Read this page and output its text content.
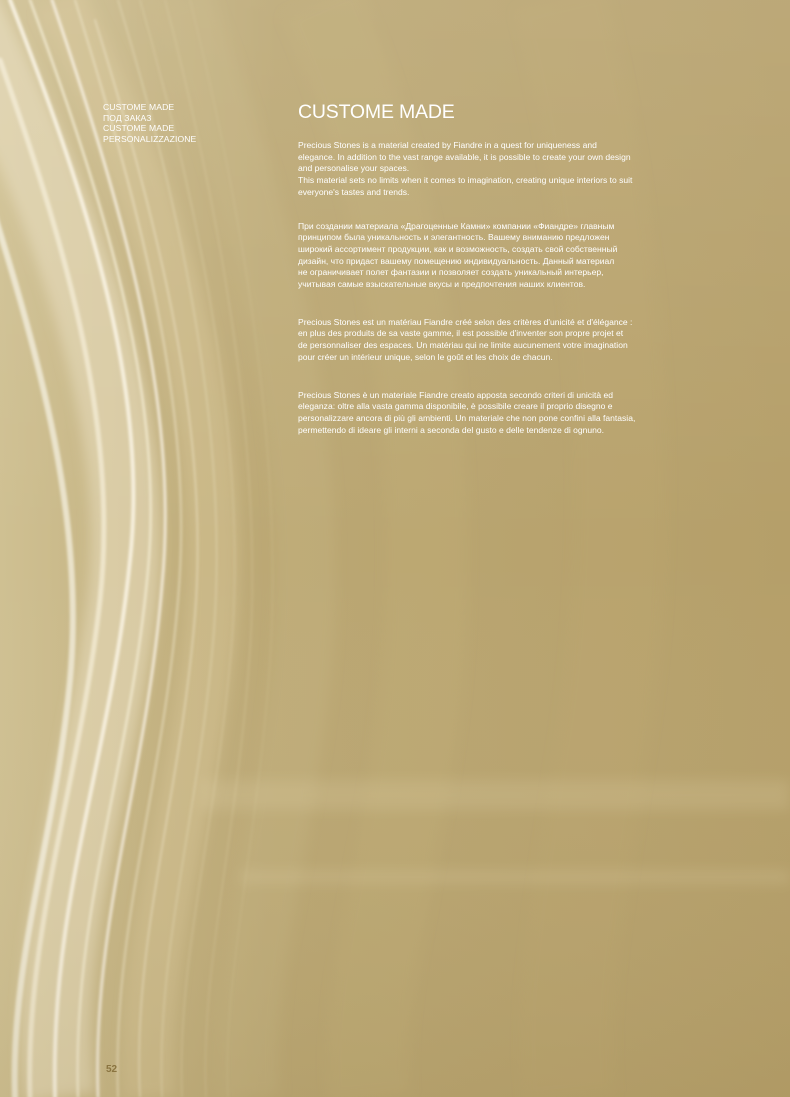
CUSTOME MADE
ПОД ЗАКАЗ
CUSTOME MADE
PERSONALIZZAZIONE
CUSTOME MADE
Precious Stones is a material created by Fiandre in a quest for uniqueness and
elegance. In addition to the vast range available, it is possible to create your own design
and personalise your spaces.
This material sets no limits when it comes to imagination, creating unique interiors to suit
everyone's tastes and trends.
При создании материала «Драгоценные Камни» компании «Фиандре» главным
принципом была уникальность и элегантность. Вашему вниманию предложен
широкий ассортимент продукции, как и возможность, создать свой собственный
дизайн, что придаст вашему помещению индивидуальность. Данный материал
не ограничивает полет фантазии и позволяет создать уникальный интерьер,
учитывая самые взыскательные вкусы и предпочтения наших клиентов.
Precious Stones est un matériau Fiandre créé selon des critères d'unicité et d'élégance :
en plus des produits de sa vaste gamme, il est possible d'inventer son propre projet et
de personnaliser des espaces. Un matériau qui ne limite aucunement votre imagination
pour créer un intérieur unique, selon le goût et les choix de chacun.
Precious Stones è un materiale Fiandre creato apposta secondo criteri di unicità ed
eleganza: oltre alla vasta gamma disponibile, è possibile creare il proprio disegno e
personalizzare ancora di più gli ambienti. Un materiale che non pone confini alla fantasia,
permettendo di ideare gli interni a seconda del gusto e delle tendenze di ognuno.
52
